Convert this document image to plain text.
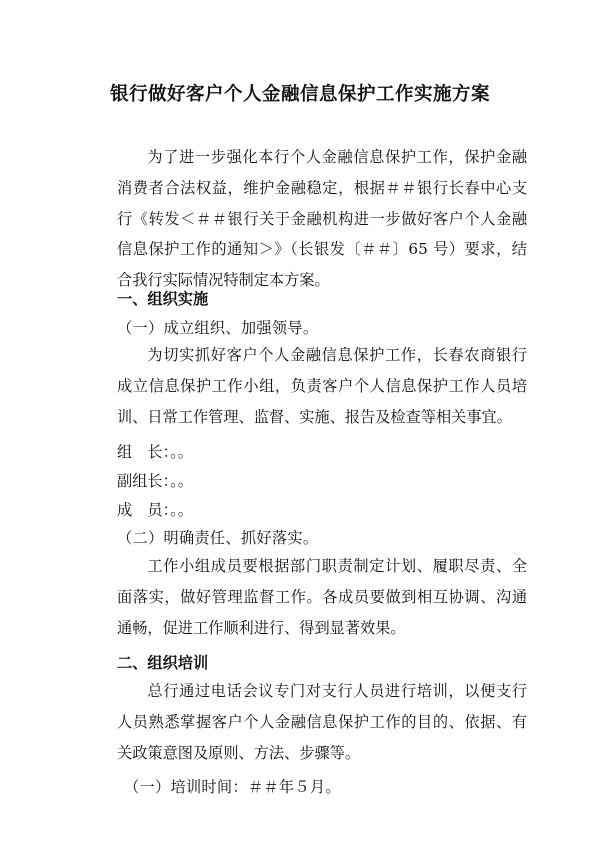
银行做好客户个人金融信息保护工作实施方案
为了进一步强化本行个人金融信息保护工作，保护金融消费者合法权益，维护金融稳定，根据＃＃银行长春中心支行《转发＜＃＃银行关于金融机构进一步做好客户个人金融信息保护工作的通知＞》（长银发〔＃＃〕65 号）要求，结合我行实际情况特制定本方案。
一、组织实施
（一）成立组织、加强领导。
为切实抓好客户个人金融信息保护工作，长春农商银行成立信息保护工作小组，负责客户个人信息保护工作人员培训、日常工作管理、监督、实施、报告及检查等相关事宜。
组　长：。。
副组长：。。
成　员：。。
（二）明确责任、抓好落实。
工作小组成员要根据部门职责制定计划、履职尽责、全面落实，做好管理监督工作。各成员要做到相互协调、沟通通畅，促进工作顺利进行、得到显著效果。
二、组织培训
总行通过电话会议专门对支行人员进行培训，以便支行人员熟悉掌握客户个人金融信息保护工作的目的、依据、有关政策意图及原则、方法、步骤等。
（一）培训时间：＃＃年５月。
